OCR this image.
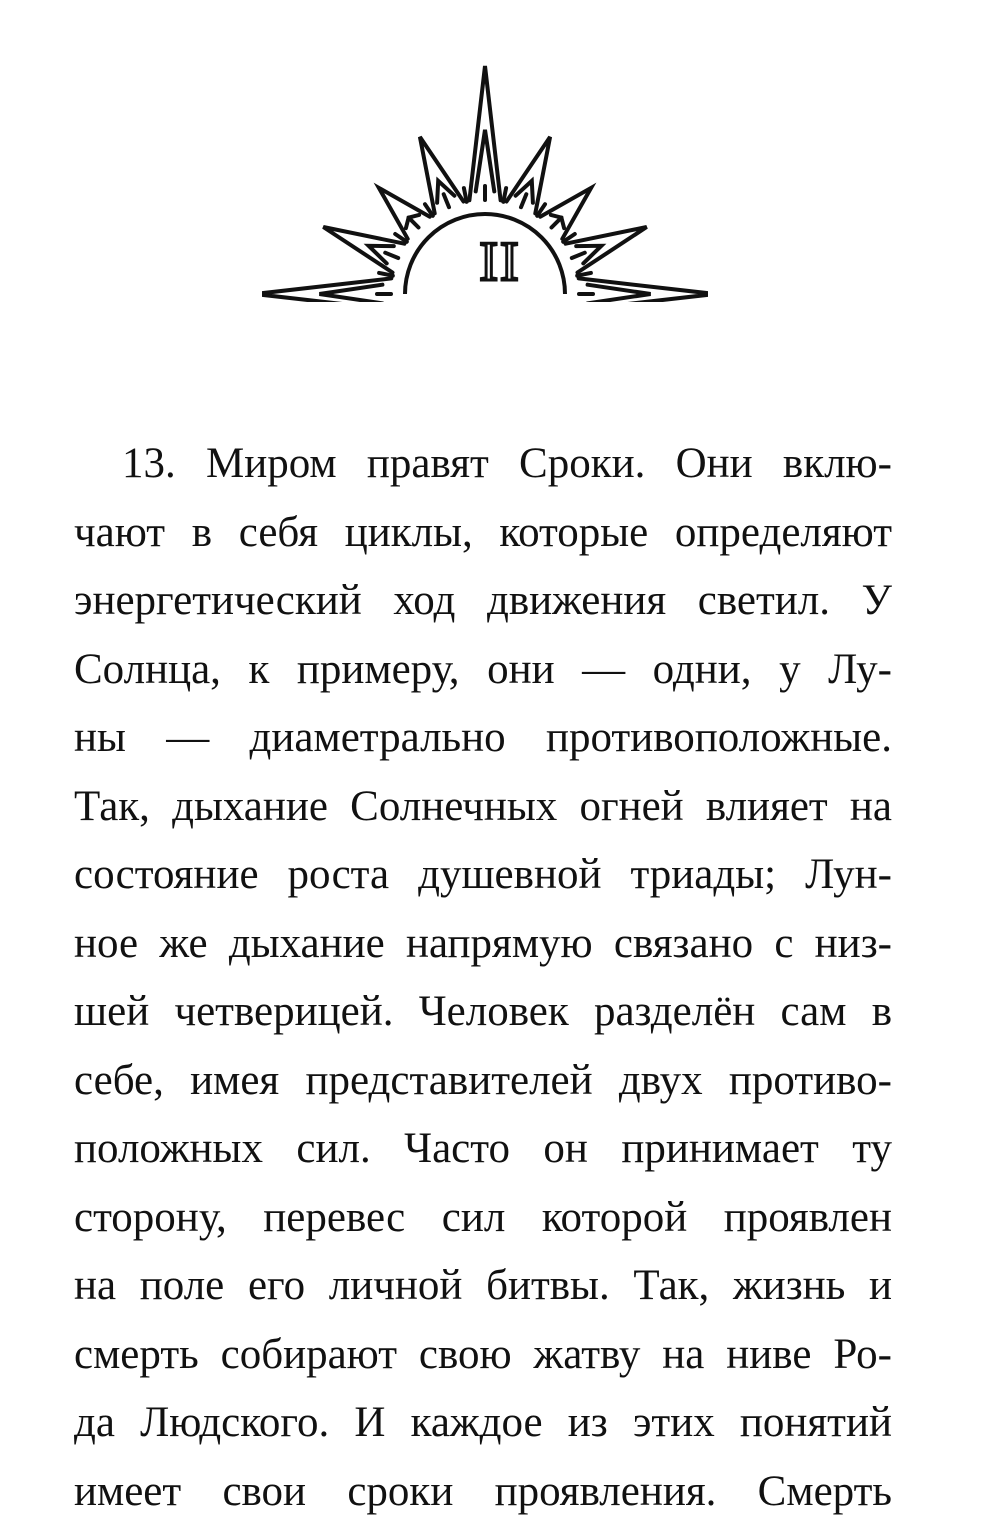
II
13. Миром правят Сроки. Они вклю-
чают в себя циклы, которые определяют
энергетический ход движения светил. У
Солнца, к примеру, они — одни, у Лу-
ны — диаметрально противоположные.
Так, дыхание Солнечных огней влияет на
состояние роста душевной триады; Лун-
ное же дыхание напрямую связано с низ-
шей четверицей. Человек разделён сам в
себе, имея представителей двух противо-
положных сил. Часто он принимает ту
сторону, перевес сил которой проявлен
на поле его личной битвы. Так, жизнь и
смерть собирают свою жатву на ниве Ро-
да Людского. И каждое из этих понятий
имеет свои сроки проявления. Смерть
